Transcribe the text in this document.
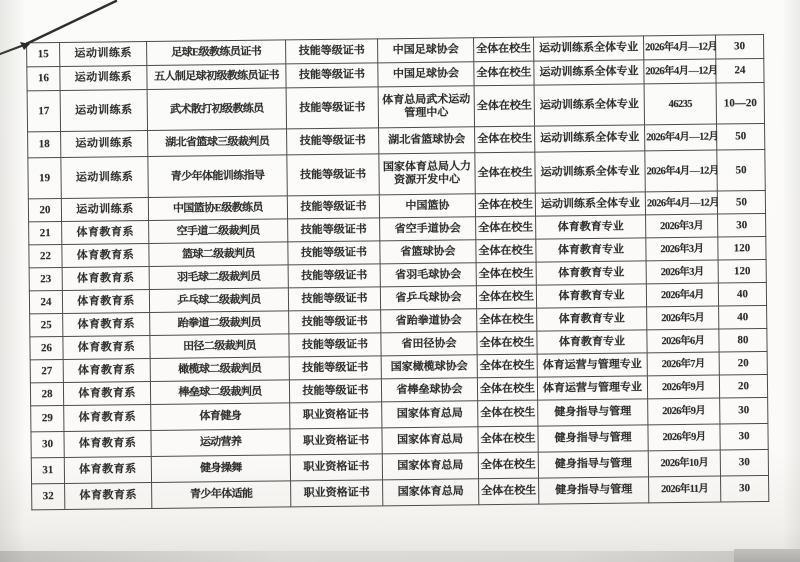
15	运动训练系	足球E级教练员证书	技能等级证书	中国足球协会	全体在校生	运动训练系全体专业	2026年4月—12月	30
16	运动训练系	五人制足球初级教练员证书	技能等级证书	中国足球协会	全体在校生	运动训练系全体专业	2026年4月—12月	24
17	运动训练系	武术散打初级教练员	技能等级证书	体育总局武术运动管理中心	全体在校生	运动训练系全体专业	46235	10—20
18	运动训练系	湖北省篮球三级裁判员	技能等级证书	湖北省篮球协会	全体在校生	运动训练系全体专业	2026年4月—12月	50
19	运动训练系	青少年体能训练指导	技能等级证书	国家体育总局人力资源开发中心	全体在校生	运动训练系全体专业	2026年4月—12月	50
20	运动训练系	中国篮协E级教练员	技能等级证书	中国篮协	全体在校生	运动训练系全体专业	2026年4月—12月	50
21	体育教育系	空手道二级裁判员	技能等级证书	省空手道协会	全体在校生	体育教育专业	2026年3月	30
22	体育教育系	篮球二级裁判员	技能等级证书	省篮球协会	全体在校生	体育教育专业	2026年3月	120
23	体育教育系	羽毛球二级裁判员	技能等级证书	省羽毛球协会	全体在校生	体育教育专业	2026年3月	120
24	体育教育系	乒乓球二级裁判员	技能等级证书	省乒乓球协会	全体在校生	体育教育专业	2026年4月	40
25	体育教育系	跆拳道二级裁判员	技能等级证书	省跆拳道协会	全体在校生	体育教育专业	2026年5月	40
26	体育教育系	田径二级裁判员	技能等级证书	省田径协会	全体在校生	体育教育专业	2026年6月	80
27	体育教育系	橄榄球二级裁判员	技能等级证书	国家橄榄球协会	全体在校生	体育运营与管理专业	2026年7月	20
28	体育教育系	棒垒球二级裁判员	技能等级证书	省棒垒球协会	全体在校生	体育运营与管理专业	2026年9月	20
29	体育教育系	体育健身	职业资格证书	国家体育总局	全体在校生	健身指导与管理	2026年9月	30
30	体育教育系	运动营养	职业资格证书	国家体育总局	全体在校生	健身指导与管理	2026年9月	30
31	体育教育系	健身操舞	职业资格证书	国家体育总局	全体在校生	健身指导与管理	2026年10月	30
32	体育教育系	青少年体适能	职业资格证书	国家体育总局	全体在校生	健身指导与管理	2026年11月	30
